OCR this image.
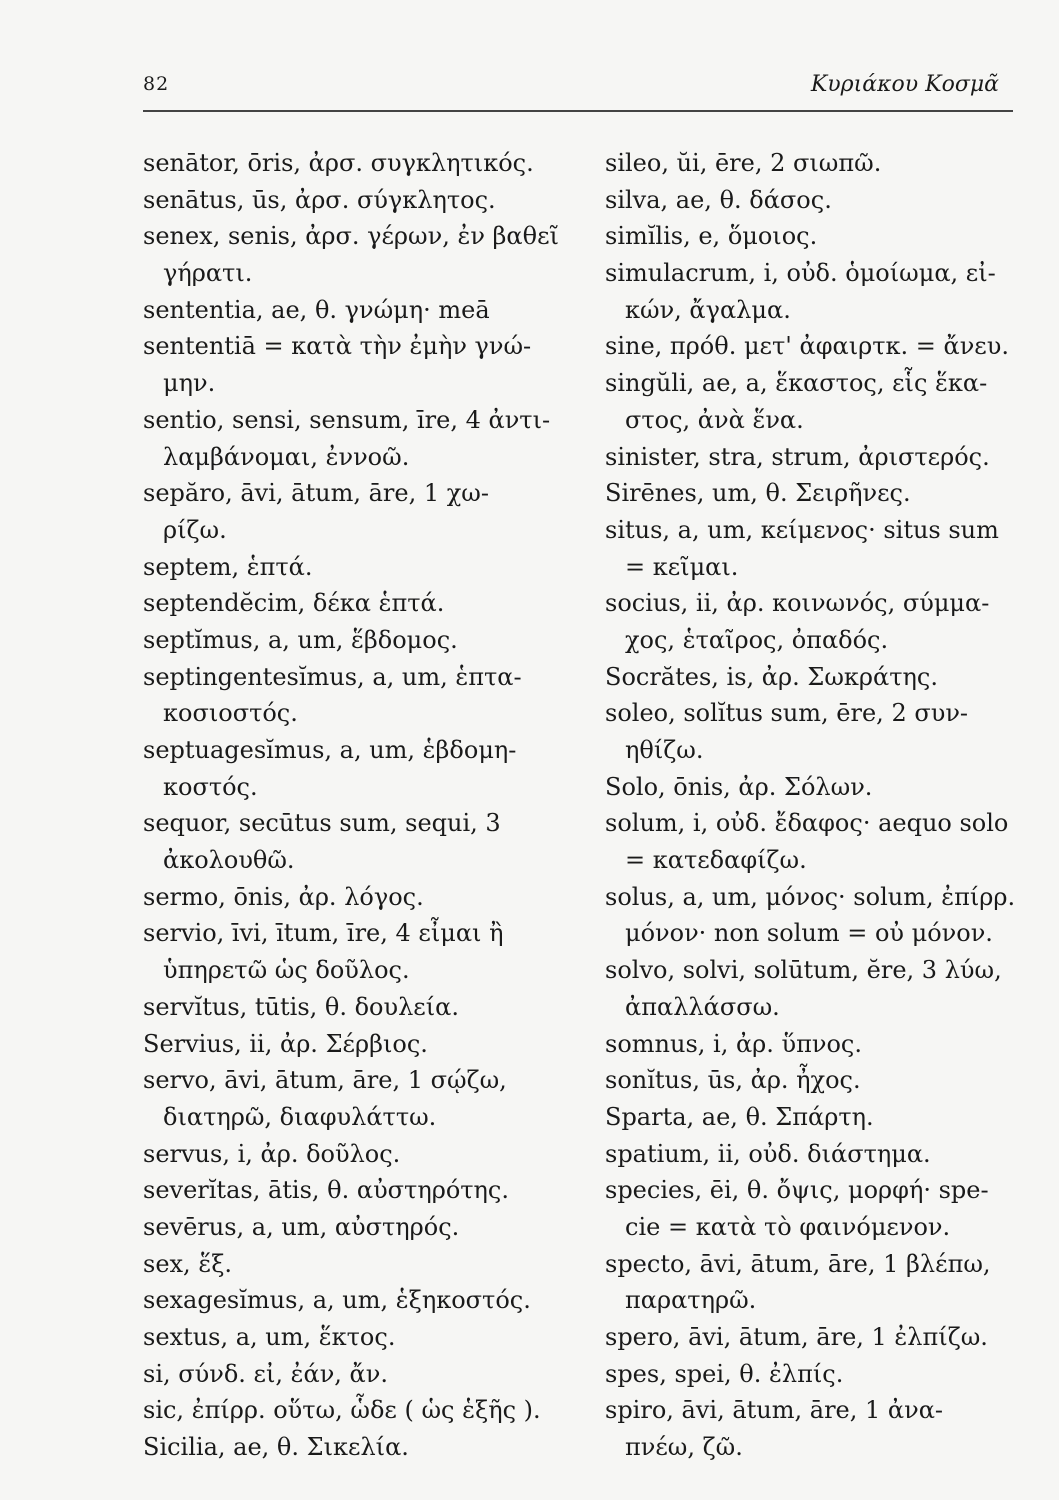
82	Κυριάκου Κοσμᾶ
senātor, ōris, ἀρσ. συγκλητικός.
senātus, ūs, ἀρσ. σύγκλητος.
senex, senis, ἀρσ. γέρων, ἐν βαθεῖ
γήρατι.
sententia, ae, θ. γνώμη· meā
sententiā = κατὰ τὴν ἐμὴν γνώ-
μην.
sentio, sensi, sensum, īre, 4 ἀντι-
λαμβάνομαι, ἐννοῶ.
sepăro, āvi, ātum, āre, 1 χω-
ρίζω.
septem, ἑπτά.
septendĕcim, δέκα ἑπτά.
septĭmus, a, um, ἕβδομος.
septingentesĭmus, a, um, ἑπτα-
κοσιοστός.
septuagesĭmus, a, um, ἑβδομη-
κοστός.
sequor, secūtus sum, sequi, 3
ἀκολουθῶ.
sermo, ōnis, ἀρ. λόγος.
servio, īvi, ītum, īre, 4 εἶμαι ἢ
ὑπηρετῶ ὡς δοῦλος.
servĭtus, tūtis, θ. δουλεία.
Servius, ii, ἀρ. Σέρβιος.
servo, āvi, ātum, āre, 1 σῴζω,
διατηρῶ, διαφυλάττω.
servus, i, ἀρ. δοῦλος.
severĭtas, ātis, θ. αὐστηρότης.
sevērus, a, um, αὐστηρός.
sex, ἕξ.
sexagesĭmus, a, um, ἑξηκοστός.
sextus, a, um, ἕκτος.
si, σύνδ. εἰ, ἐάν, ἄν.
sic, ἐπίρρ. οὕτω, ὧδε ( ὡς ἑξῆς ).
Sicilia, ae, θ. Σικελία.
sileo, ŭi, ēre, 2 σιωπῶ.
silva, ae, θ. δάσος.
simĭlis, e, ὅμοιος.
simulacrum, i, οὐδ. ὁμοίωμα, εἰ-
κών, ἄγαλμα.
sine, πρόθ. μετ' ἀφαιρτκ. = ἄνευ.
singŭli, ae, a, ἕκαστος, εἷς ἕκα-
στος, ἀνὰ ἕνα.
sinister, stra, strum, ἀριστερός.
Sirēnes, um, θ. Σειρῆνες.
situs, a, um, κείμενος· situs sum
= κεῖμαι.
socius, ii, ἀρ. κοινωνός, σύμμα-
χος, ἑταῖρος, ὀπαδός.
Socrătes, is, ἀρ. Σωκράτης.
soleo, solĭtus sum, ēre, 2 συν-
ηθίζω.
Solo, ōnis, ἀρ. Σόλων.
solum, i, οὐδ. ἔδαφος· aequo solo
= κατεδαφίζω.
solus, a, um, μόνος· solum, ἐπίρρ.
μόνον· non solum = οὐ μόνον.
solvo, solvi, solūtum, ĕre, 3 λύω,
ἀπαλλάσσω.
somnus, i, ἀρ. ὕπνος.
sonĭtus, ūs, ἀρ. ἦχος.
Sparta, ae, θ. Σπάρτη.
spatium, ii, οὐδ. διάστημα.
species, ēi, θ. ὄψις, μορφή· spe-
cie = κατὰ τὸ φαινόμενον.
specto, āvi, ātum, āre, 1 βλέπω,
παρατηρῶ.
spero, āvi, ātum, āre, 1 ἐλπίζω.
spes, spei, θ. ἐλπίς.
spiro, āvi, ātum, āre, 1 ἀνα-
πνέω, ζῶ.
